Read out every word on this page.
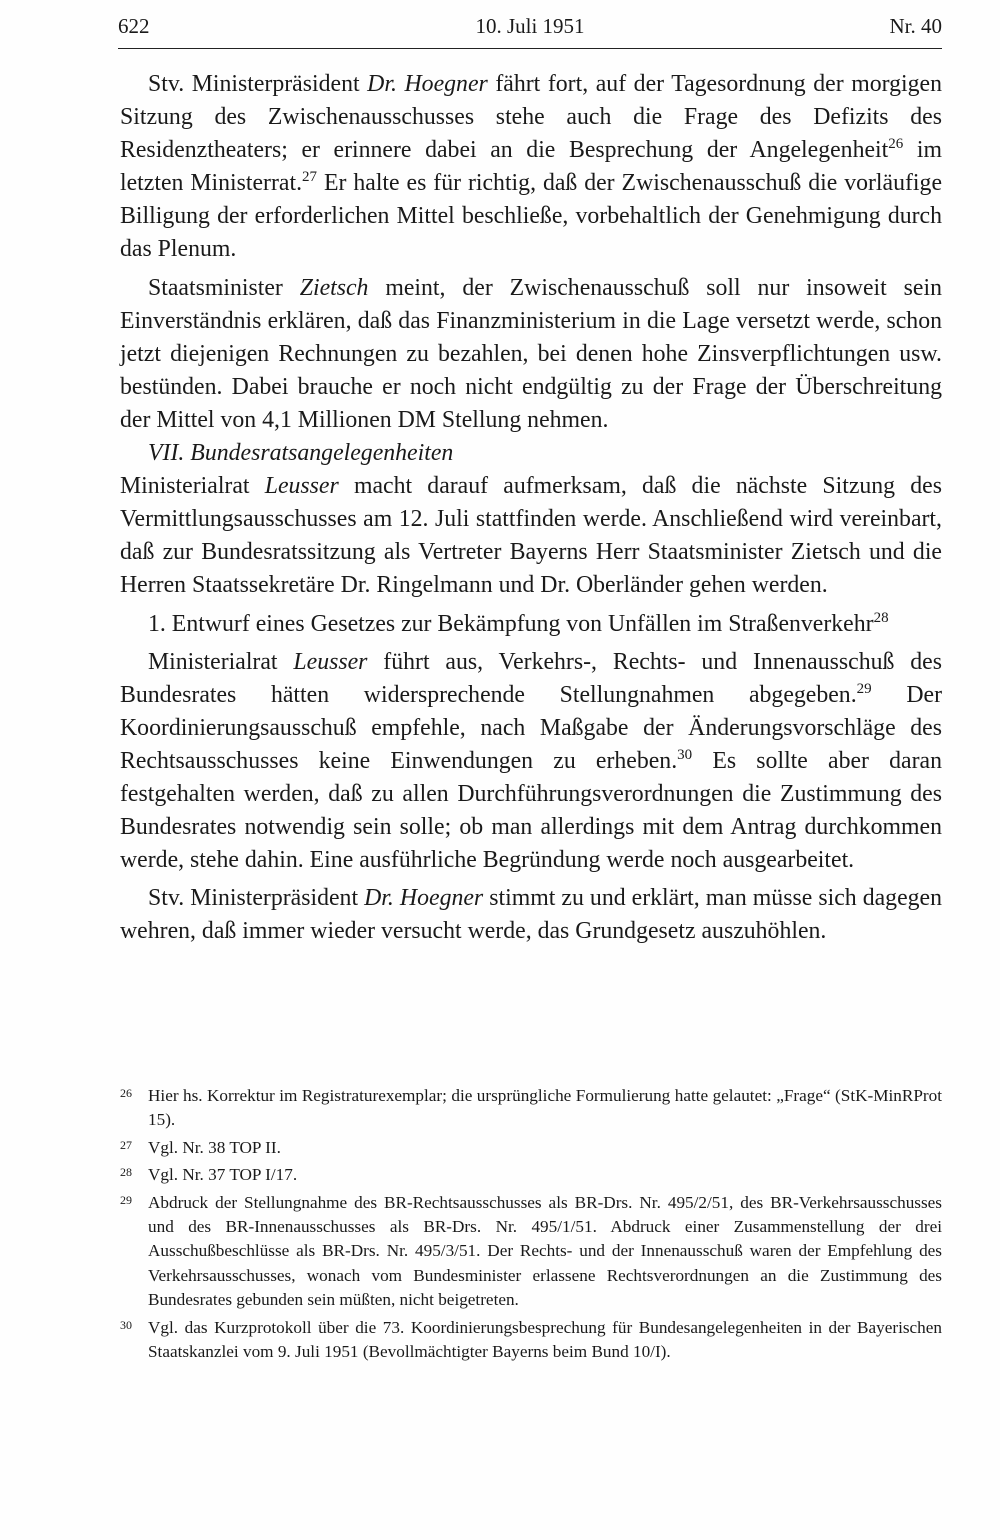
622	10. Juli 1951	Nr. 40

Stv. Ministerpräsident Dr. Hoegner fährt fort, auf der Tagesordnung der morgigen Sitzung des Zwischenausschusses stehe auch die Frage des Defizits des Residenztheaters; er erinnere dabei an die Besprechung der Angelegenheit$^{26}$ im letzten Ministerrat.$^{27}$ Er halte es für richtig, daß der Zwischenausschuß die vorläufige Billigung der erforderlichen Mittel beschließe, vorbehaltlich der Genehmigung durch das Plenum.

Staatsminister Zietsch meint, der Zwischenausschuß soll nur insoweit sein Einverständnis erklären, daß das Finanzministerium in die Lage versetzt werde, schon jetzt diejenigen Rechnungen zu bezahlen, bei denen hohe Zinsverpflichtungen usw. bestünden. Dabei brauche er noch nicht endgültig zu der Frage der Überschreitung der Mittel von 4,1 Millionen DM Stellung nehmen.

VII. Bundesratsangelegenheiten

Ministerialrat Leusser macht darauf aufmerksam, daß die nächste Sitzung des Vermittlungsausschusses am 12. Juli stattfinden werde. Anschließend wird vereinbart, daß zur Bundesratssitzung als Vertreter Bayerns Herr Staatsminister Zietsch und die Herren Staatssekretäre Dr. Ringelmann und Dr. Oberländer gehen werden.

1. Entwurf eines Gesetzes zur Bekämpfung von Unfällen im Straßenverkehr$^{28}$

Ministerialrat Leusser führt aus, Verkehrs-, Rechts- und Innenausschuß des Bundesrates hätten widersprechende Stellungnahmen abgegeben.$^{29}$ Der Koordinierungsausschuß empfehle, nach Maßgabe der Änderungsvorschläge des Rechtsausschusses keine Einwendungen zu erheben.$^{30}$ Es sollte aber daran festgehalten werden, daß zu allen Durchführungsverordnungen die Zustimmung des Bundesrates notwendig sein solle; ob man allerdings mit dem Antrag durchkommen werde, stehe dahin. Eine ausführliche Begründung werde noch ausgearbeitet.

Stv. Ministerpräsident Dr. Hoegner stimmt zu und erklärt, man müsse sich dagegen wehren, daß immer wieder versucht werde, das Grundgesetz auszuhöhlen.

26 Hier hs. Korrektur im Registraturexemplar; die ursprüngliche Formulierung hatte gelautet: „Frage“ (StK-MinRProt 15).
27 Vgl. Nr. 38 TOP II.
28 Vgl. Nr. 37 TOP I/17.
29 Abdruck der Stellungnahme des BR-Rechtsausschusses als BR-Drs. Nr. 495/2/51, des BR-Verkehrsausschusses und des BR-Innenausschusses als BR-Drs. Nr. 495/1/51. Abdruck einer Zusammenstellung der drei Ausschußbeschlüsse als BR-Drs. Nr. 495/3/51. Der Rechts- und der Innenausschuß waren der Empfehlung des Verkehrsausschusses, wonach vom Bundesminister erlassene Rechtsverordnungen an die Zustimmung des Bundesrates gebunden sein müßten, nicht beigetreten.
30 Vgl. das Kurzprotokoll über die 73. Koordinierungsbesprechung für Bundesangelegenheiten in der Bayerischen Staatskanzlei vom 9. Juli 1951 (Bevollmächtigter Bayerns beim Bund 10/I).
